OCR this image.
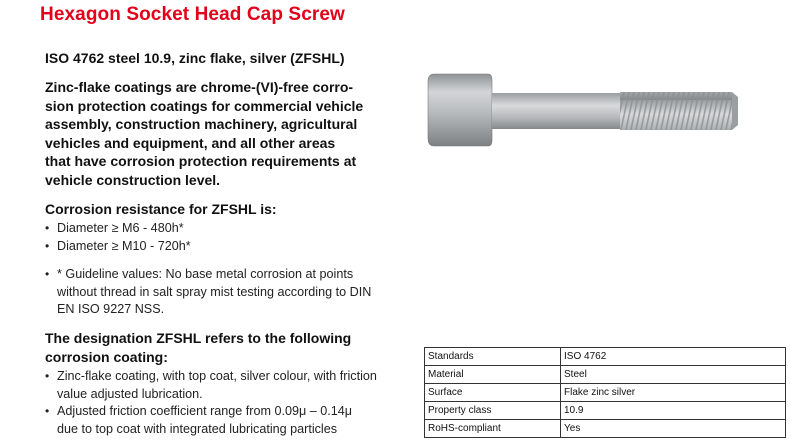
Hexagon Socket Head Cap Screw
ISO 4762 steel 10.9, zinc flake, silver (ZFSHL)
Zinc-flake coatings are chrome-(VI)-free corro-
sion protection coatings for commercial vehicle
assembly, construction machinery, agricultural
vehicles and equipment, and all other areas
that have corrosion protection requirements at
vehicle construction level.
Corrosion resistance for ZFSHL is:
• Diameter ≥ M6 - 480h*
• Diameter ≥ M10 - 720h*
• * Guideline values: No base metal corrosion at points
without thread in salt spray mist testing according to DIN
EN ISO 9227 NSS.
The designation ZFSHL refers to the following
corrosion coating:
• Zinc-flake coating, with top coat, silver colour, with friction
value adjusted lubrication.
• Adjusted friction coefficient range from 0.09μ – 0.14μ
due to top coat with integrated lubricating particles
Standards	ISO 4762
Material	Steel
Surface	Flake zinc silver
Property class	10.9
RoHS-compliant	Yes
